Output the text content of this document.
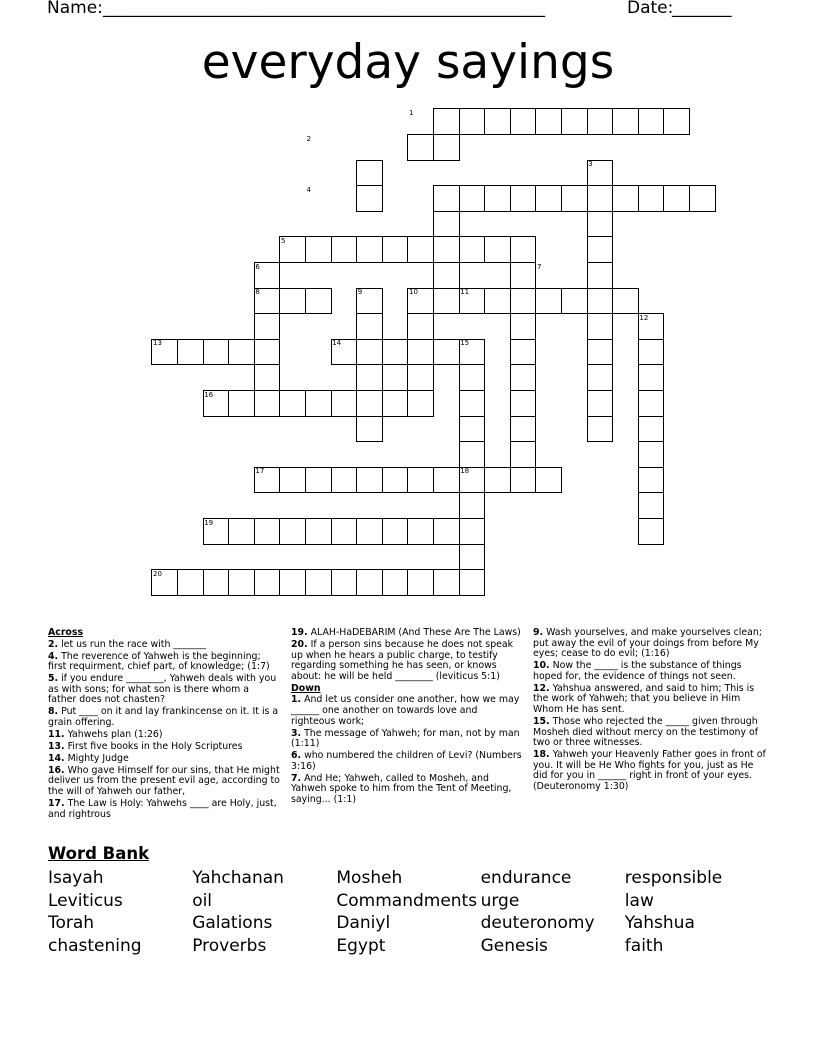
Name: ____________________________________________________	Date:
_______
everyday sayings
1
2
3
4
5
6	7
8	9	10	11
12
13	14	15
16
17	18
19
20

Across

2. let us run the race with _______

4. The reverence of Yahweh is the beginning; first requirment, chief part, of knowledge; (1:7)

5. if you endure ________, Yahweh deals with you as with sons; for what son is there whom a father does not chasten?

8. Put ____ on it and lay frankincense on it. It is a grain offering.

11. Yahwehs plan (1:26)

13. First five books in the Holy Scriptures

14. Mighty Judge

16. Who gave Himself for our sins, that He might deliver us from the present evil age, according to the will of Yahweh our father,

17. The Law is Holy: Yahwehs ____ are Holy, just, and rightrous

19. ALAH-HaDEBARIM (And These Are The Laws)

20. If a person sins because he does not speak up when he hears a public charge, to testify regarding something he has seen, or knows about: he will be held ________ (leviticus 5:1)

Down

1. And let us consider one another, how we may ______ one another on towards love and righteous work;

3. The message of Yahweh; for man, not by man (1:11)

6. who numbered the children of Levi? (Numbers 3:16)

7. And He; Yahweh, called to Mosheh, and Yahweh spoke to him from the Tent of Meeting, saying... (1:1)

9. Wash yourselves, and make yourselves clean; put away the evil of your doings from before My eyes; cease to do evil; (1:16)

10. Now the _____ is the substance of things hoped for, the evidence of things not seen.

12. Yahshua answered, and said to him; This is the work of Yahweh; that you believe in Him Whom He has sent.

15. Those who rejected the _____ given through Mosheh died without mercy on the testimony of two or three witnesses.

18. Yahweh your Heavenly Father goes in front of you. It will be He Who fights for you, just as He did for you in ______ right in front of your eyes. (Deuteronomy 1:30)

Word Bank
Isayah	Yahchanan	Mosheh	endurance	responsible
Leviticus	oil	Commandments urge	law
Torah	Galations	Daniyl	deuteronomy Yahshua
chastening	Proverbs	Egypt	Genesis	faith
